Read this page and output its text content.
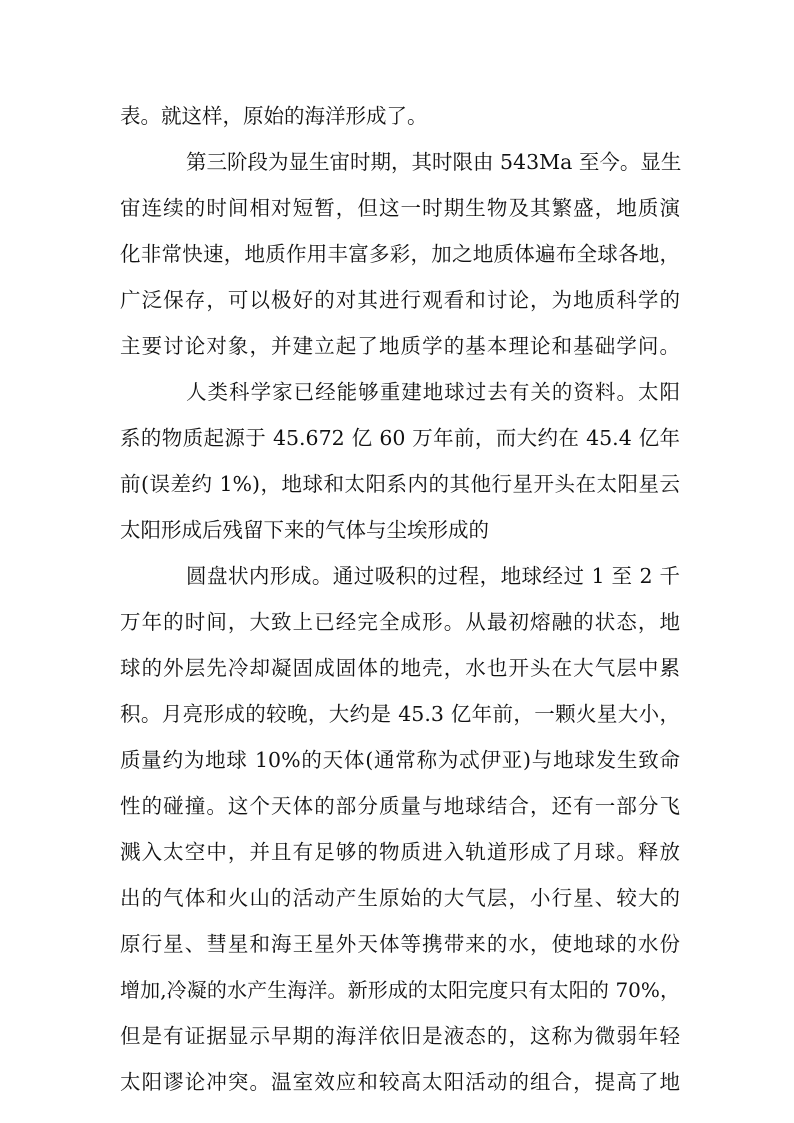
表。就这样，原始的海洋形成了。
第三阶段为显生宙时期，其时限由 543Ma 至今。显生
宙连续的时间相对短暂，但这一时期生物及其繁盛，地质演
化非常快速，地质作用丰富多彩，加之地质体遍布全球各地，
广泛保存，可以极好的对其进行观看和讨论，为地质科学的
主要讨论对象，并建立起了地质学的基本理论和基础学问。
人类科学家已经能够重建地球过去有关的资料。太阳
系的物质起源于 45.672 亿 60 万年前，而大约在 45.4 亿年
前(误差约 1%)，地球和太阳系内的其他行星开头在太阳星云
太阳形成后残留下来的气体与尘埃形成的
圆盘状内形成。通过吸积的过程，地球经过 1 至 2 千
万年的时间，大致上已经完全成形。从最初熔融的状态，地
球的外层先冷却凝固成固体的地壳，水也开头在大气层中累
积。月亮形成的较晚，大约是 45.3 亿年前，一颗火星大小，
质量约为地球 10%的天体(通常称为忒伊亚)与地球发生致命
性的碰撞。这个天体的部分质量与地球结合，还有一部分飞
溅入太空中，并且有足够的物质进入轨道形成了月球。释放
出的气体和火山的活动产生原始的大气层，小行星、较大的
原行星、彗星和海王星外天体等携带来的水，使地球的水份
增加,冷凝的水产生海洋。新形成的太阳完度只有太阳的 70%，
但是有证据显示早期的海洋依旧是液态的，这称为微弱年轻
太阳谬论冲突。温室效应和较高太阳活动的组合，提高了地
